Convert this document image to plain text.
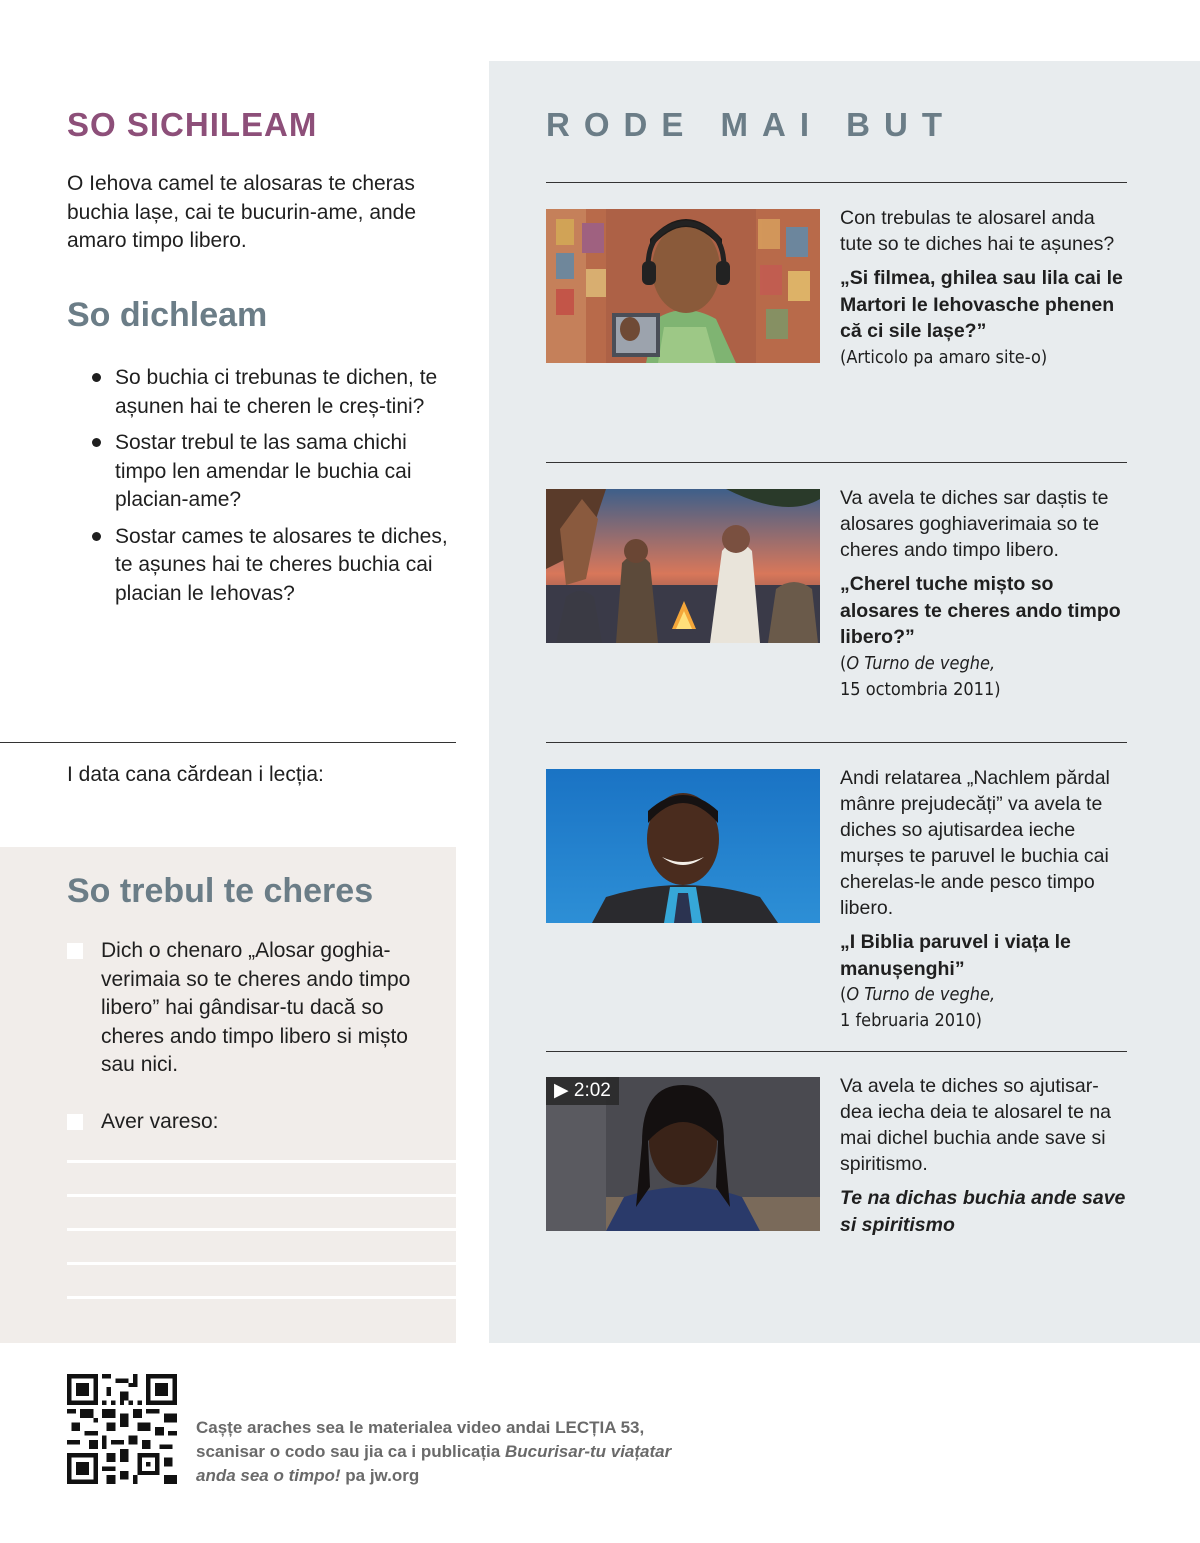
SO SICHILEAM

O Iehova camel te alosaras te cheras buchia lașe, cai te bucurin-ame, ande amaro timpo libero.

So dichleam
So buchia ci trebunas te dichen, te așunen hai te cheren le creș-tini?
Sostar trebul te las sama chichi timpo len amendar le buchia cai placian-ame?
Sostar cames te alosares te diches, te așunes hai te cheres buchia cai placian le Iehovas?
I data cana cărdean i lecția:
So trebul te cheres
Dich o chenaro „Alosar goghia-verimaia so te cheres ando timpo libero” hai gândisar-tu dacă so cheres ando timpo libero si mișto sau nici.
Aver vareso:
RODE MAI BUT

Con trebulas te alosarel anda tute so te diches hai te așunes?

„Si filmea, ghilea sau lila cai le Martori le Iehovasche phenen că ci sile lașe?”

(Articolo pa amaro site-o)

Va avela te diches sar daștis te alosares goghiaverimaia so te cheres ando timpo libero.

„Cherel tuche mișto so alosares te cheres ando timpo libero?”

(O Turno de veghe,
15 octombria 2011)

Andi relatarea „Nachlem părdal mânre prejudecăți” va avela te diches so ajutisardea ieche murșes te paruvel le buchia cai cherelas-le ande pesco timpo libero.

„I Biblia paruvel i viața le manușenghi”

(O Turno de veghe,
1 februaria 2010)

▶ 2:02	Va avela te diches so ajutisar-dea iecha deia te alosarel te na mai dichel buchia ande save si spiritismo.

Te na dichas buchia ande save si spiritismo

Cașțe araches sea le materialea video andai LECȚIA 53,
scanisar o codo sau jia ca i publicația Bucurisar-tu viațatar
anda sea o timpo! pa jw.org
